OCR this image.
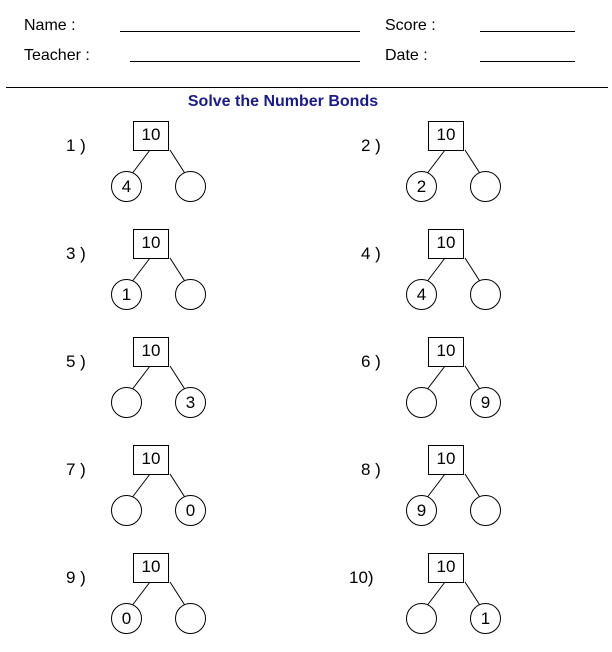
Name :	Score :
Teacher :	Date :
Solve the Number Bonds
1 )
10
4
2 )
10
2
3 )
10
1
4 )
10
4
5 )
10
3
6 )
10
9
7 )
10
0
8 )
10
9
9 )
10
0
10)
10
1
